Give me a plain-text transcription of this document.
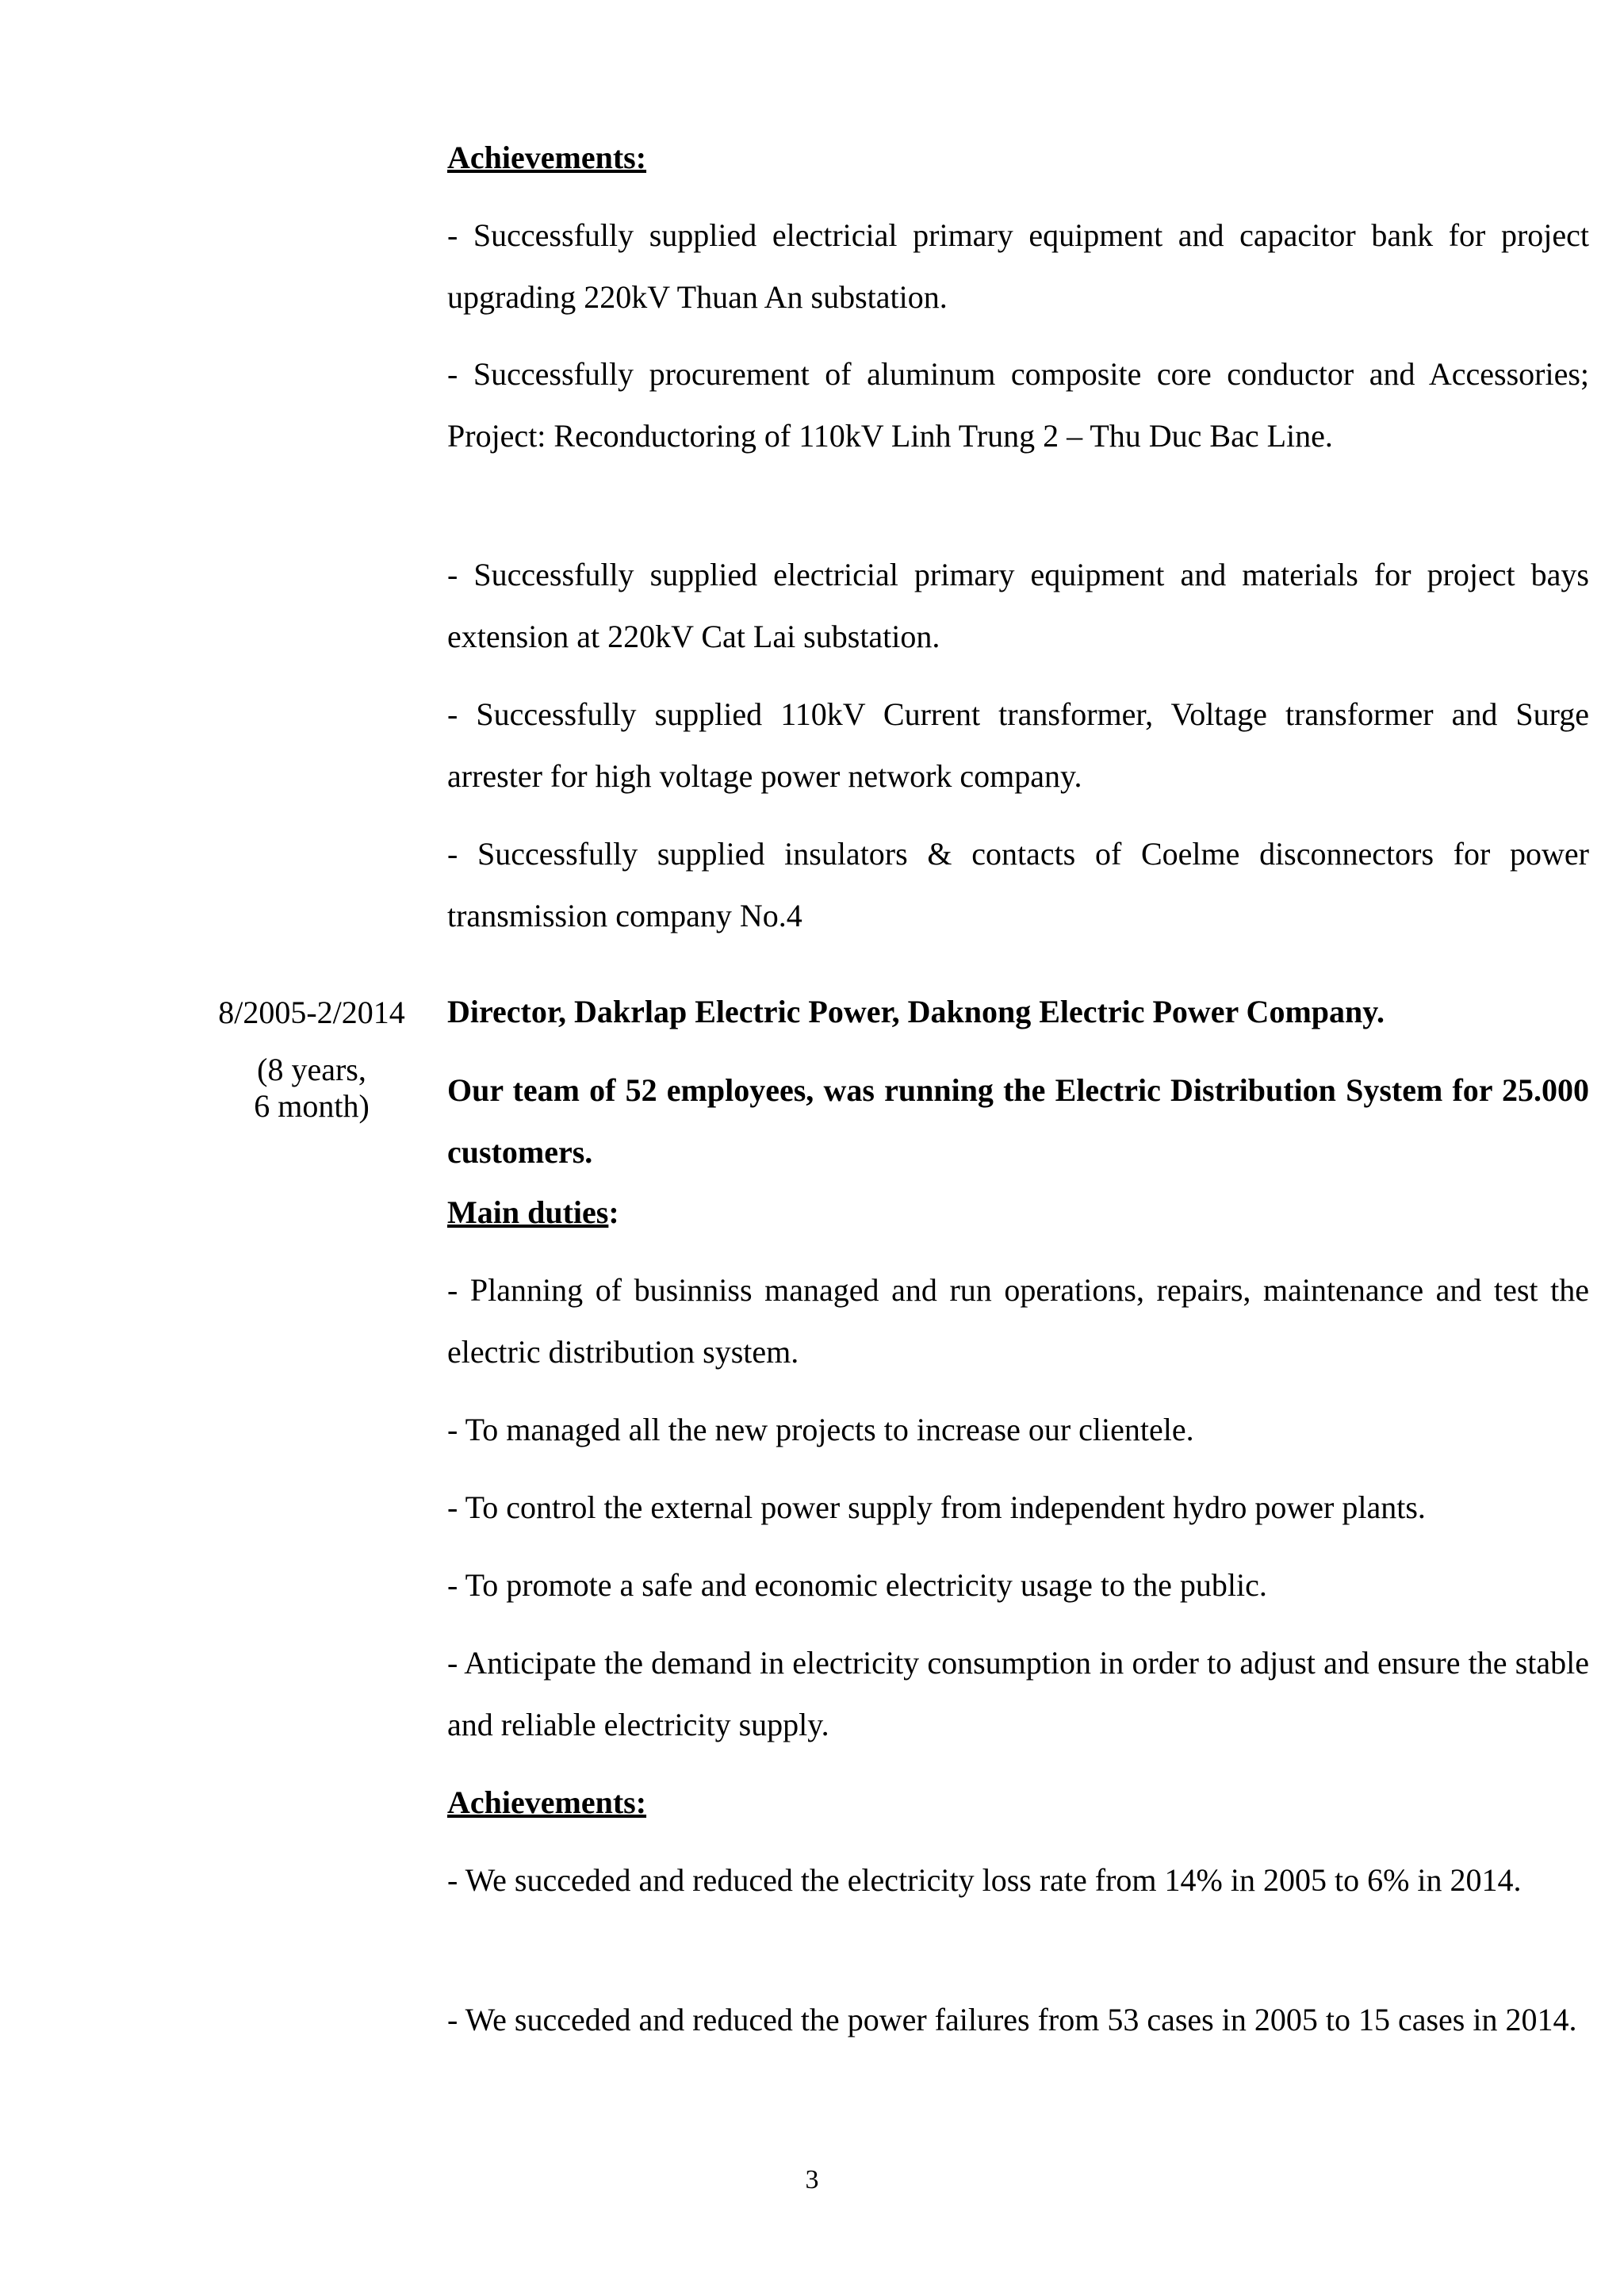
Achievements:

- Successfully supplied electricial primary equipment and capacitor bank for project upgrading 220kV Thuan An substation.

- Successfully procurement of aluminum composite core conductor and Accessories; Project: Reconductoring of 110kV Linh Trung 2 – Thu Duc Bac Line.

- Successfully supplied electricial primary equipment and materials for project bays extension at 220kV Cat Lai substation.

- Successfully supplied 110kV Current transformer, Voltage transformer and Surge arrester for high voltage power network company.

- Successfully supplied insulators & contacts of Coelme disconnectors for power transmission company No.4

8/2005-2/2014

(8 years,

6 month)

Director, Dakrlap Electric Power, Daknong Electric Power Company.

Our team of 52 employees, was running the Electric Distribution System for 25.000 customers.

Main duties:

- Planning of businniss managed and run operations, repairs, maintenance and test the electric distribution system.

- To managed all the new projects to increase our clientele.

- To control the external power supply from independent hydro power plants.

- To promote a safe and economic electricity usage to the public.

- Anticipate the demand in electricity consumption in order to adjust and ensure the stable and reliable electricity supply.

Achievements:

- We succeded and reduced the electricity loss rate from 14% in 2005 to 6% in 2014.

- We succeded and reduced the power failures from 53 cases in 2005 to 15 cases in 2014.

3
